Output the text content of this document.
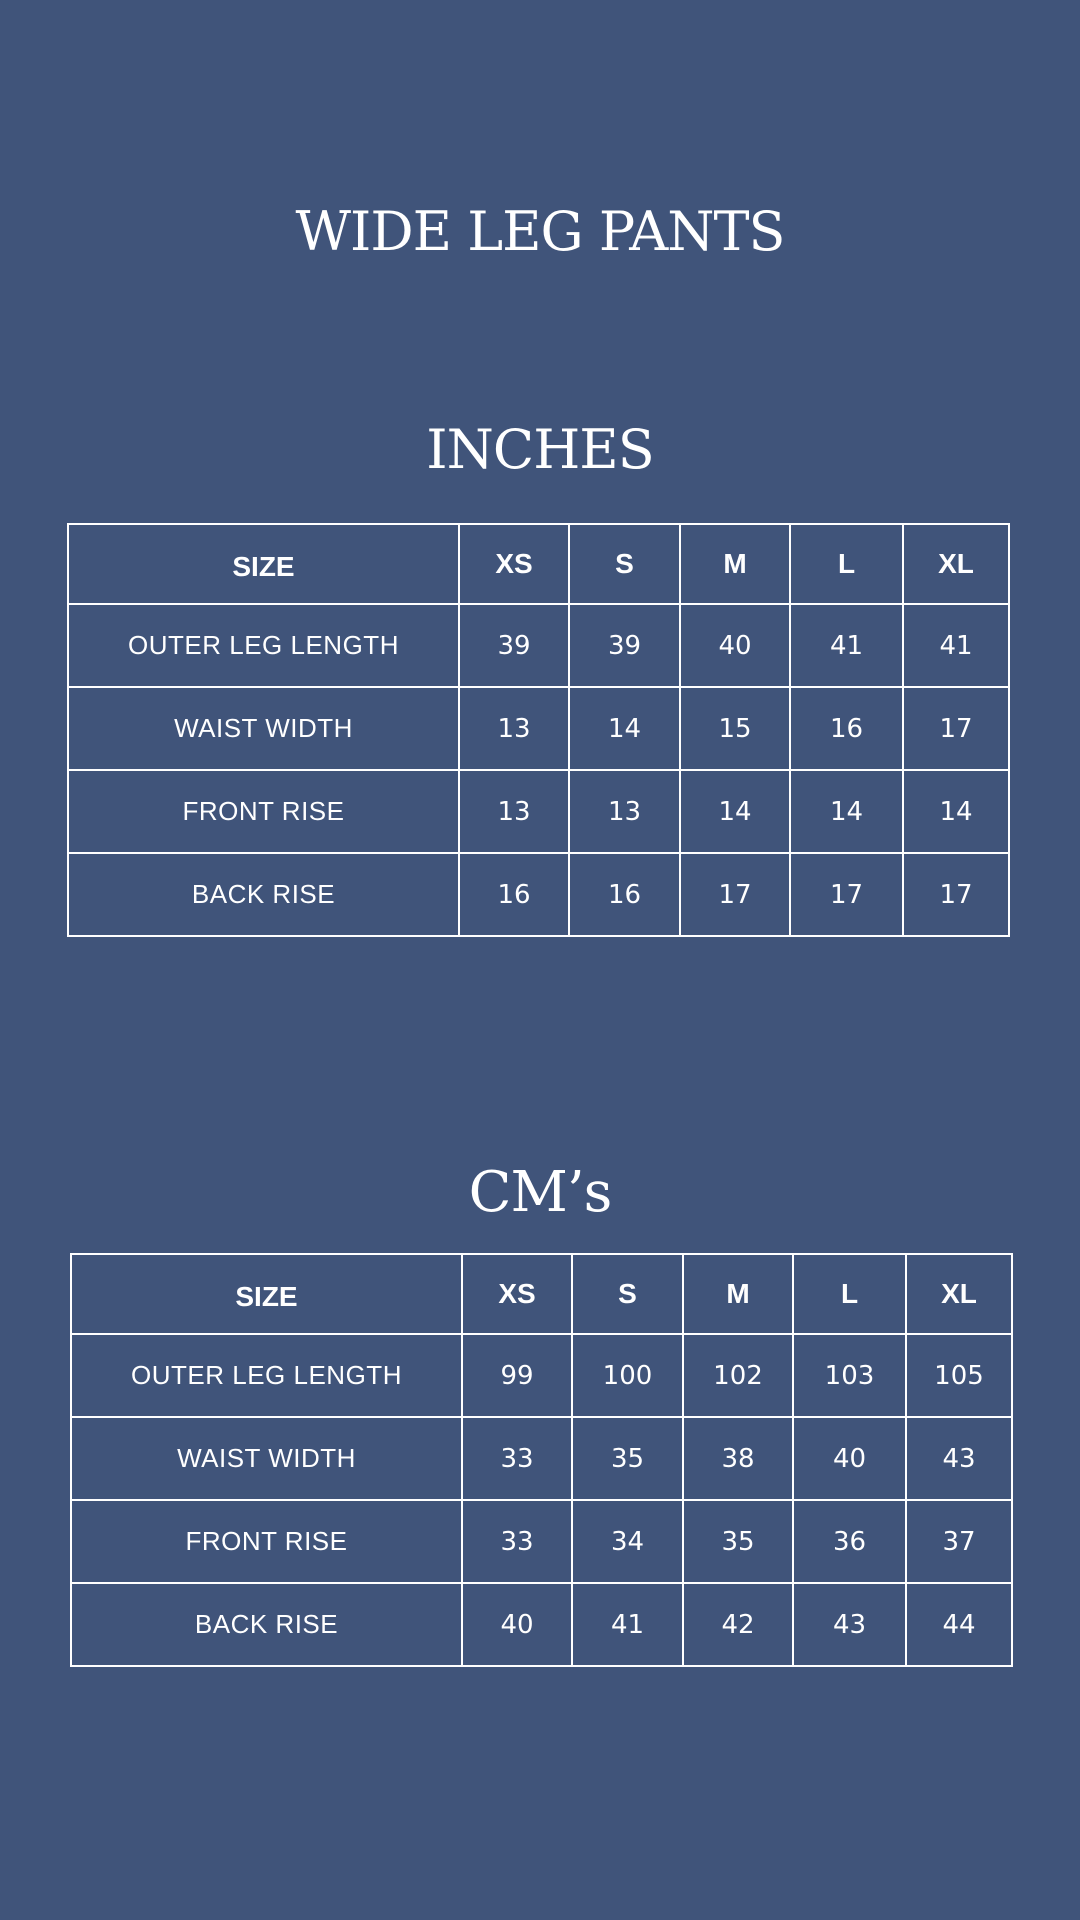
WIDE LEG PANTS
INCHES
SIZE	XS	S	M	L	XL
OUTER LEG LENGTH	39	39	40	41	41
WAIST WIDTH	13	14	15	16	17
FRONT RISE	13	13	14	14	14
BACK RISE	16	16	17	17	17
CM’s
SIZE	XS	S	M	L	XL
OUTER LEG LENGTH	99	100	102	103	105
WAIST WIDTH	33	35	38	40	43
FRONT RISE	33	34	35	36	37
BACK RISE	40	41	42	43	44
